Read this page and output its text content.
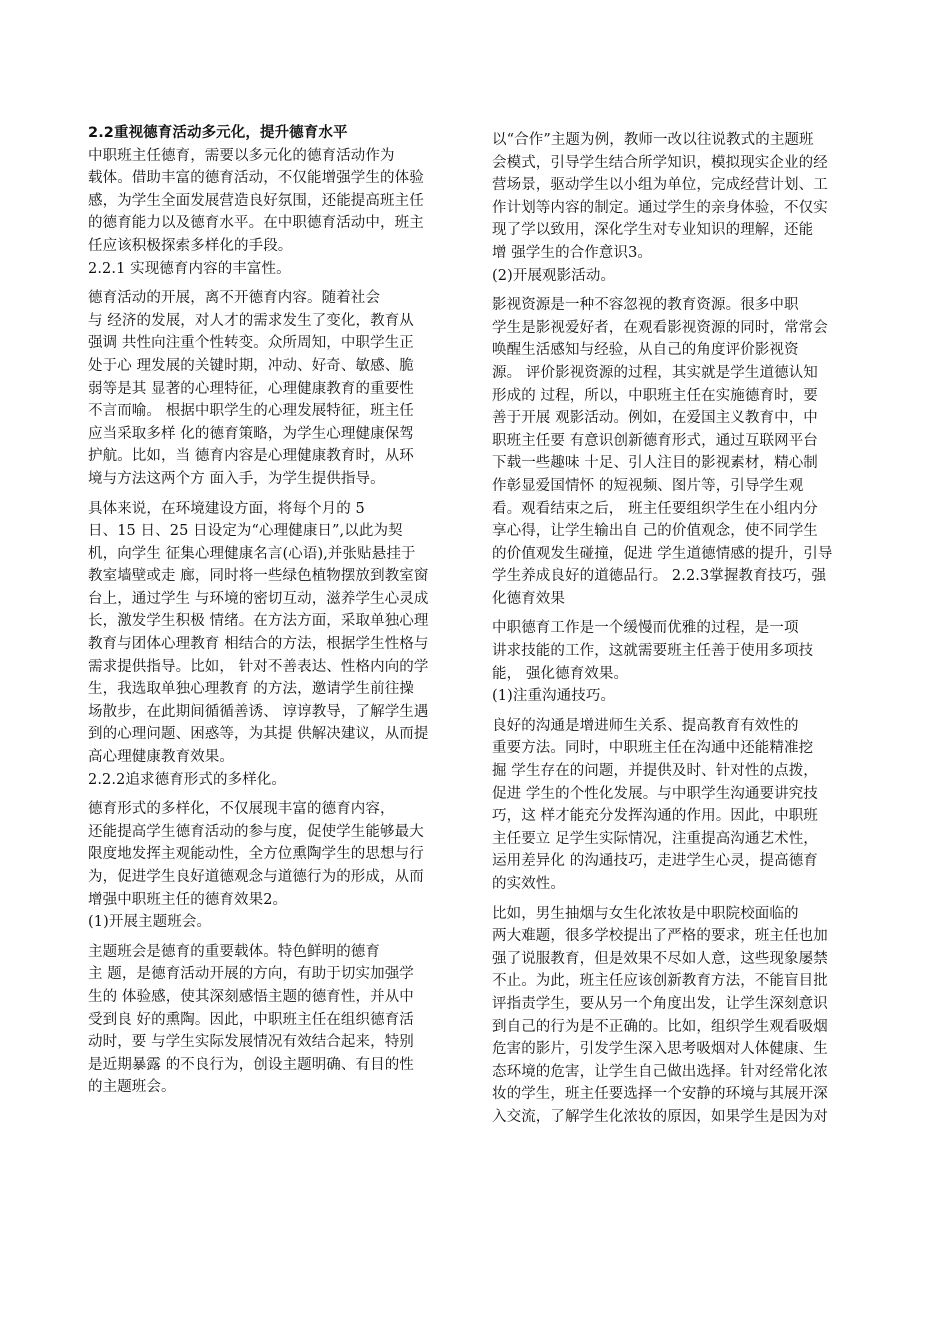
2.2重视德育活动多元化，提升德育水平
中职班主任德育，需要以多元化的德育活动作为
载体。借助丰富的德育活动，不仅能增强学生的体验
感，为学生全面发展营造良好氛围，还能提高班主任
的德育能力以及德育水平。在中职德育活动中，班主
任应该积极探索多样化的手段。
2.2.1 实现德育内容的丰富性。
德育活动的开展，离不开德育内容。随着社会
与 经济的发展，对人才的需求发生了变化，教育从
强调 共性向注重个性转变。众所周知，中职学生正
处于心 理发展的关键时期，冲动、好奇、敏感、脆
弱等是其 显著的心理特征，心理健康教育的重要性
不言而喻。 根据中职学生的心理发展特征，班主任
应当采取多样 化的德育策略，为学生心理健康保驾
护航。比如，当 德育内容是心理健康教育时，从环
境与方法这两个方 面入手，为学生提供指导。
具体来说，在环境建设方面，将每个月的 5
日、15 日、25 日设定为“心理健康日”,以此为契
机，向学生 征集心理健康名言(心语),并张贴悬挂于
教室墙壁或走 廊，同时将一些绿色植物摆放到教室窗
台上，通过学生 与环境的密切互动，滋养学生心灵成
长，激发学生积极 情绪。在方法方面，采取单独心理
教育与团体心理教育 相结合的方法，根据学生性格与
需求提供指导。比如， 针对不善表达、性格内向的学
生，我选取单独心理教育 的方法，邀请学生前往操
场散步，在此期间循循善诱、 谆谆教导，了解学生遇
到的心理问题、困惑等，为其提 供解决建议，从而提
高心理健康教育效果。
2.2.2追求德育形式的多样化。
德育形式的多样化，不仅展现丰富的德育内容，
还能提高学生德育活动的参与度，促使学生能够最大
限度地发挥主观能动性，全方位熏陶学生的思想与行
为，促进学生良好道德观念与道德行为的形成，从而
增强中职班主任的德育效果2。
(1)开展主题班会。
主题班会是德育的重要载体。特色鲜明的德育
主 题，是德育活动开展的方向，有助于切实加强学
生的 体验感，使其深刻感悟主题的德育性，并从中
受到良 好的熏陶。因此，中职班主任在组织德育活
动时，要 与学生实际发展情况有效结合起来，特别
是近期暴露 的不良行为，创设主题明确、有目的性
的主题班会。
以“合作”主题为例，教师一改以往说教式的主题班
会模式，引导学生结合所学知识，模拟现实企业的经
营场景，驱动学生以小组为单位，完成经营计划、工
作计划等内容的制定。通过学生的亲身体验，不仅实
现了学以致用，深化学生对专业知识的理解，还能
增 强学生的合作意识3。
(2)开展观影活动。
影视资源是一种不容忽视的教育资源。很多中职
学生是影视爱好者，在观看影视资源的同时，常常会
唤醒生活感知与经验，从自己的角度评价影视资
源。 评价影视资源的过程，其实就是学生道德认知
形成的 过程，所以，中职班主任在实施德育时，要
善于开展 观影活动。例如，在爱国主义教育中，中
职班主任要 有意识创新德育形式，通过互联网平台
下载一些趣味 十足、引人注目的影视素材，精心制
作彰显爱国情怀 的短视频、图片等，引导学生观
看。观看结束之后， 班主任要组织学生在小组内分
享心得，让学生输出自 己的价值观念，使不同学生
的价值观发生碰撞，促进 学生道德情感的提升，引导
学生养成良好的道德品行。 2.2.3掌握教育技巧，强
化德育效果
中职德育工作是一个缓慢而优雅的过程，是一项
讲求技能的工作，这就需要班主任善于使用多项技
能， 强化德育效果。
(1)注重沟通技巧。
良好的沟通是增进师生关系、提高教育有效性的
重要方法。同时，中职班主任在沟通中还能精准挖
掘 学生存在的问题，并提供及时、针对性的点拨，
促进 学生的个性化发展。与中职学生沟通要讲究技
巧，这 样才能充分发挥沟通的作用。因此，中职班
主任要立 足学生实际情况，注重提高沟通艺术性，
运用差异化 的沟通技巧，走进学生心灵，提高德育
的实效性。
比如，男生抽烟与女生化浓妆是中职院校面临的
两大难题，很多学校提出了严格的要求，班主任也加
强了说服教育，但是效果不尽如人意，这些现象屡禁
不止。为此，班主任应该创新教育方法，不能盲目批
评指责学生，要从另一个角度出发，让学生深刻意识
到自己的行为是不正确的。比如，组织学生观看吸烟
危害的影片，引发学生深入思考吸烟对人体健康、生
态环境的危害，让学生自己做出选择。针对经常化浓
妆的学生，班主任要选择一个安静的环境与其展开深
入交流，了解学生化浓妆的原因，如果学生是因为对
